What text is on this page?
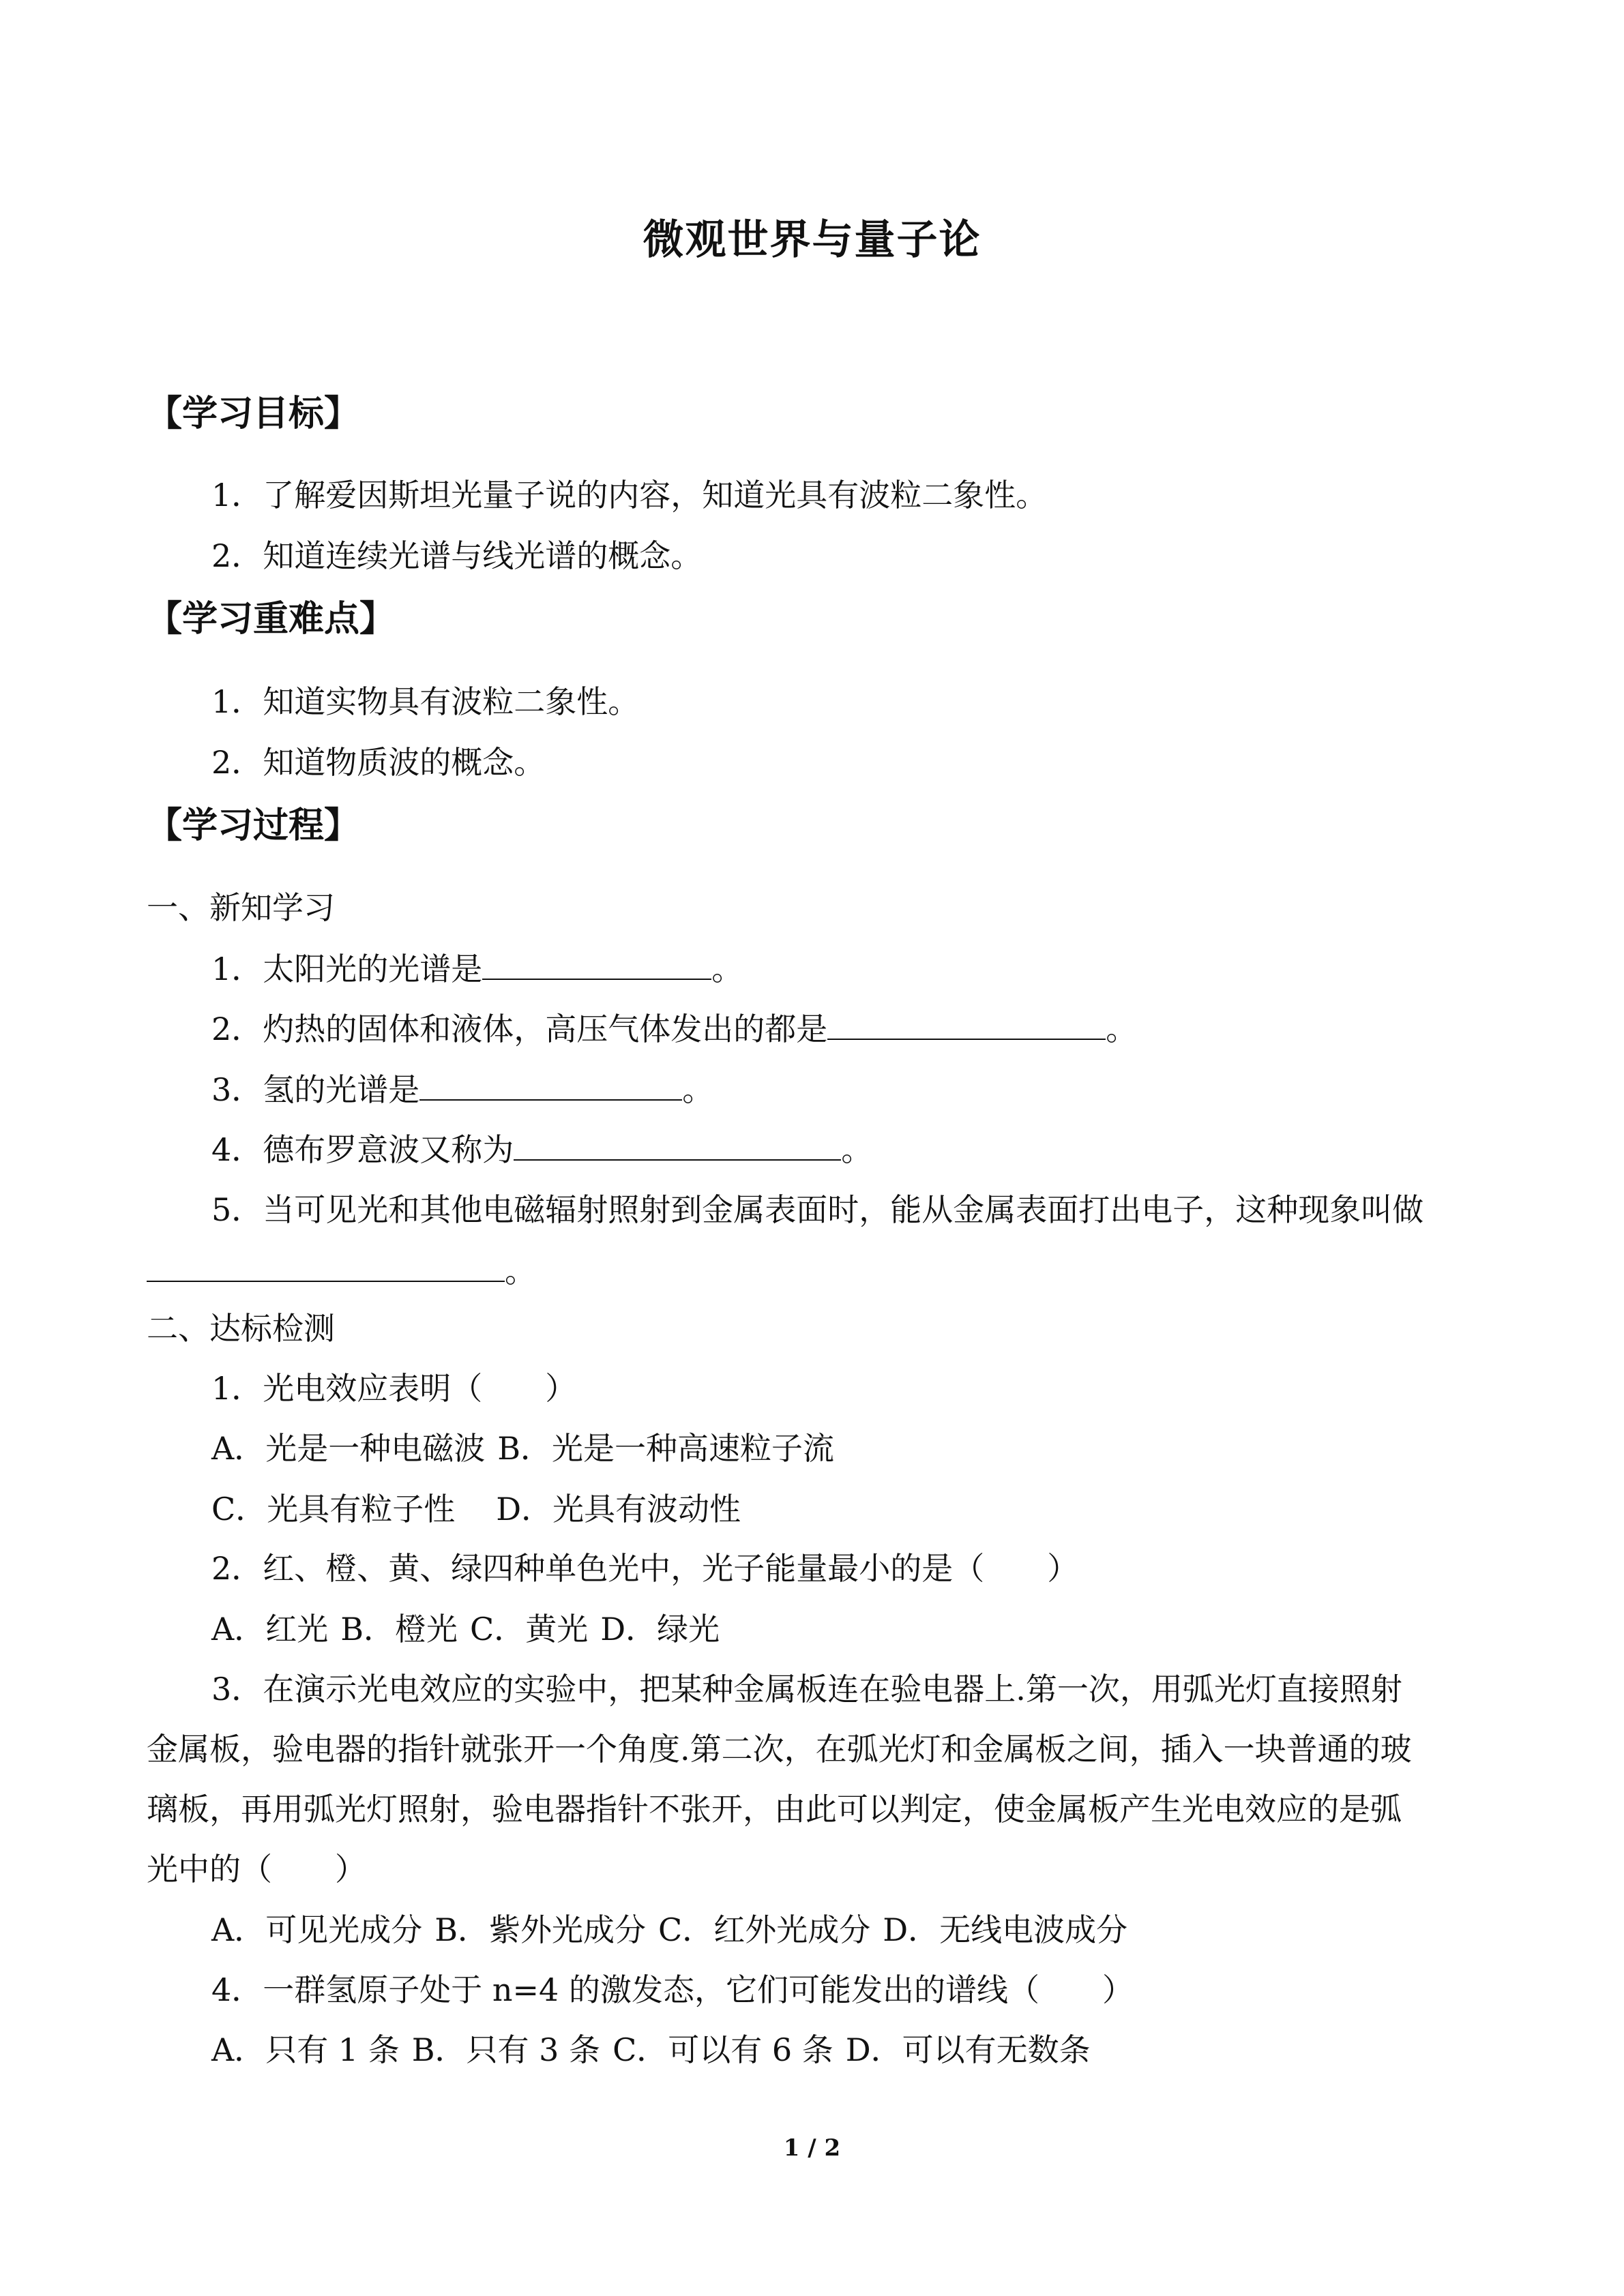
微观世界与量子论
【学习目标】
1．了解爱因斯坦光量子说的内容，知道光具有波粒二象性。
2．知道连续光谱与线光谱的概念。
【学习重难点】
1．知道实物具有波粒二象性。
2．知道物质波的概念。
【学习过程】
一、新知学习
1．太阳光的光谱是	。
2．灼热的固体和液体，高压气体发出的都是	。
3．氢的光谱是	。
4．德布罗意波又称为	。
5．当可见光和其他电磁辐射照射到金属表面时，能从金属表面打出电子，这种现象叫做
。
二、达标检测
1．光电效应表明（　　）
A．光是一种电磁波 B．光是一种高速粒子流
C．光具有粒子性 D．光具有波动性
2．红、橙、黄、绿四种单色光中，光子能量最小的是（　　）
A．红光 B．橙光 C．黄光 D．绿光
3．在演示光电效应的实验中，把某种金属板连在验电器上.第一次，用弧光灯直接照射
金属板，验电器的指针就张开一个角度.第二次，在弧光灯和金属板之间，插入一块普通的玻
璃板，再用弧光灯照射，验电器指针不张开，由此可以判定，使金属板产生光电效应的是弧
光中的（　　）
A．可见光成分 B．紫外光成分 C．红外光成分 D．无线电波成分
4．一群氢原子处于 n=4 的激发态，它们可能发出的谱线（　　）
A．只有 1 条 B．只有 3 条 C．可以有 6 条 D．可以有无数条
1 / 2
